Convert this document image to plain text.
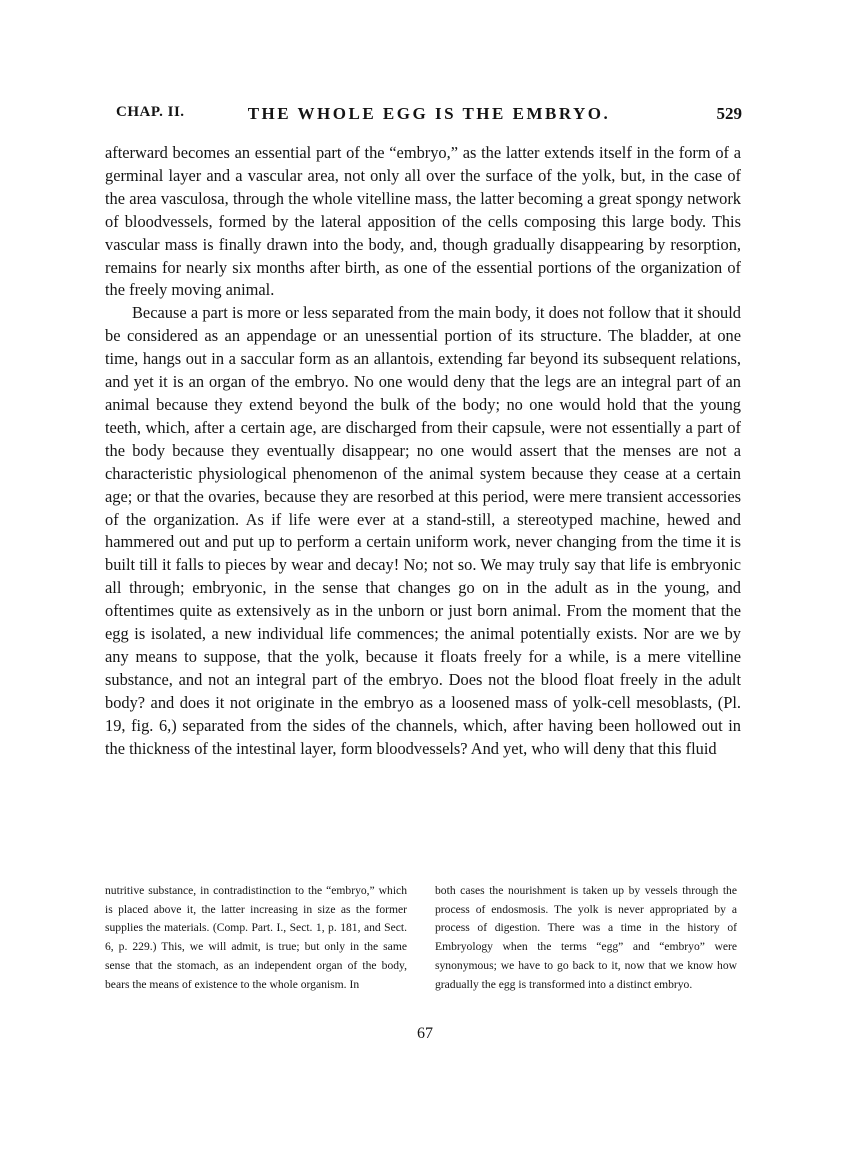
CHAP. II.	THE WHOLE EGG IS THE EMBRYO.	529

afterward becomes an essential part of the “embryo,” as the latter extends itself in the form of a germinal layer and a vascular area, not only all over the surface of the yolk, but, in the case of the area vasculosa, through the whole vitelline mass, the latter becoming a great spongy network of bloodvessels, formed by the lateral apposition of the cells composing this large body. This vascular mass is finally drawn into the body, and, though gradually disappearing by resorption, remains for nearly six months after birth, as one of the essential portions of the organization of the freely moving animal.

Because a part is more or less separated from the main body, it does not follow that it should be considered as an appendage or an unessential portion of its structure. The bladder, at one time, hangs out in a saccular form as an allantois, extending far beyond its subsequent relations, and yet it is an organ of the embryo. No one would deny that the legs are an integral part of an animal because they extend beyond the bulk of the body; no one would hold that the young teeth, which, after a certain age, are discharged from their capsule, were not essentially a part of the body because they eventually disappear; no one would assert that the menses are not a characteristic physiological phenomenon of the animal system because they cease at a certain age; or that the ovaries, because they are resorbed at this period, were mere transient accessories of the organization. As if life were ever at a stand-still, a stereotyped machine, hewed and hammered out and put up to perform a certain uniform work, never changing from the time it is built till it falls to pieces by wear and decay! No; not so. We may truly say that life is embryonic all through; embryonic, in the sense that changes go on in the adult as in the young, and oftentimes quite as extensively as in the unborn or just born animal. From the moment that the egg is isolated, a new individual life commences; the animal potentially exists. Nor are we by any means to suppose, that the yolk, because it floats freely for a while, is a mere vitelline substance, and not an integral part of the embryo. Does not the blood float freely in the adult body? and does it not originate in the embryo as a loosened mass of yolk-cell mesoblasts, (Pl. 19, fig. 6,) separated from the sides of the channels, which, after having been hollowed out in the thickness of the intestinal layer, form bloodvessels? And yet, who will deny that this fluid

nutritive substance, in contradistinction to the “embryo,” which is placed above it, the latter increasing in size as the former supplies the materials. (Comp. Part. I., Sect. 1, p. 181, and Sect. 6, p. 229.) This, we will admit, is true; but only in the same sense that the stomach, as an independent organ of the body, bears the means of existence to the whole organism. In
both cases the nourishment is taken up by vessels through the process of endosmosis. The yolk is never appropriated by a process of digestion. There was a time in the history of Embryology when the terms “egg” and “embryo” were synonymous; we have to go back to it, now that we know how gradually the egg is transformed into a distinct embryo.
67
